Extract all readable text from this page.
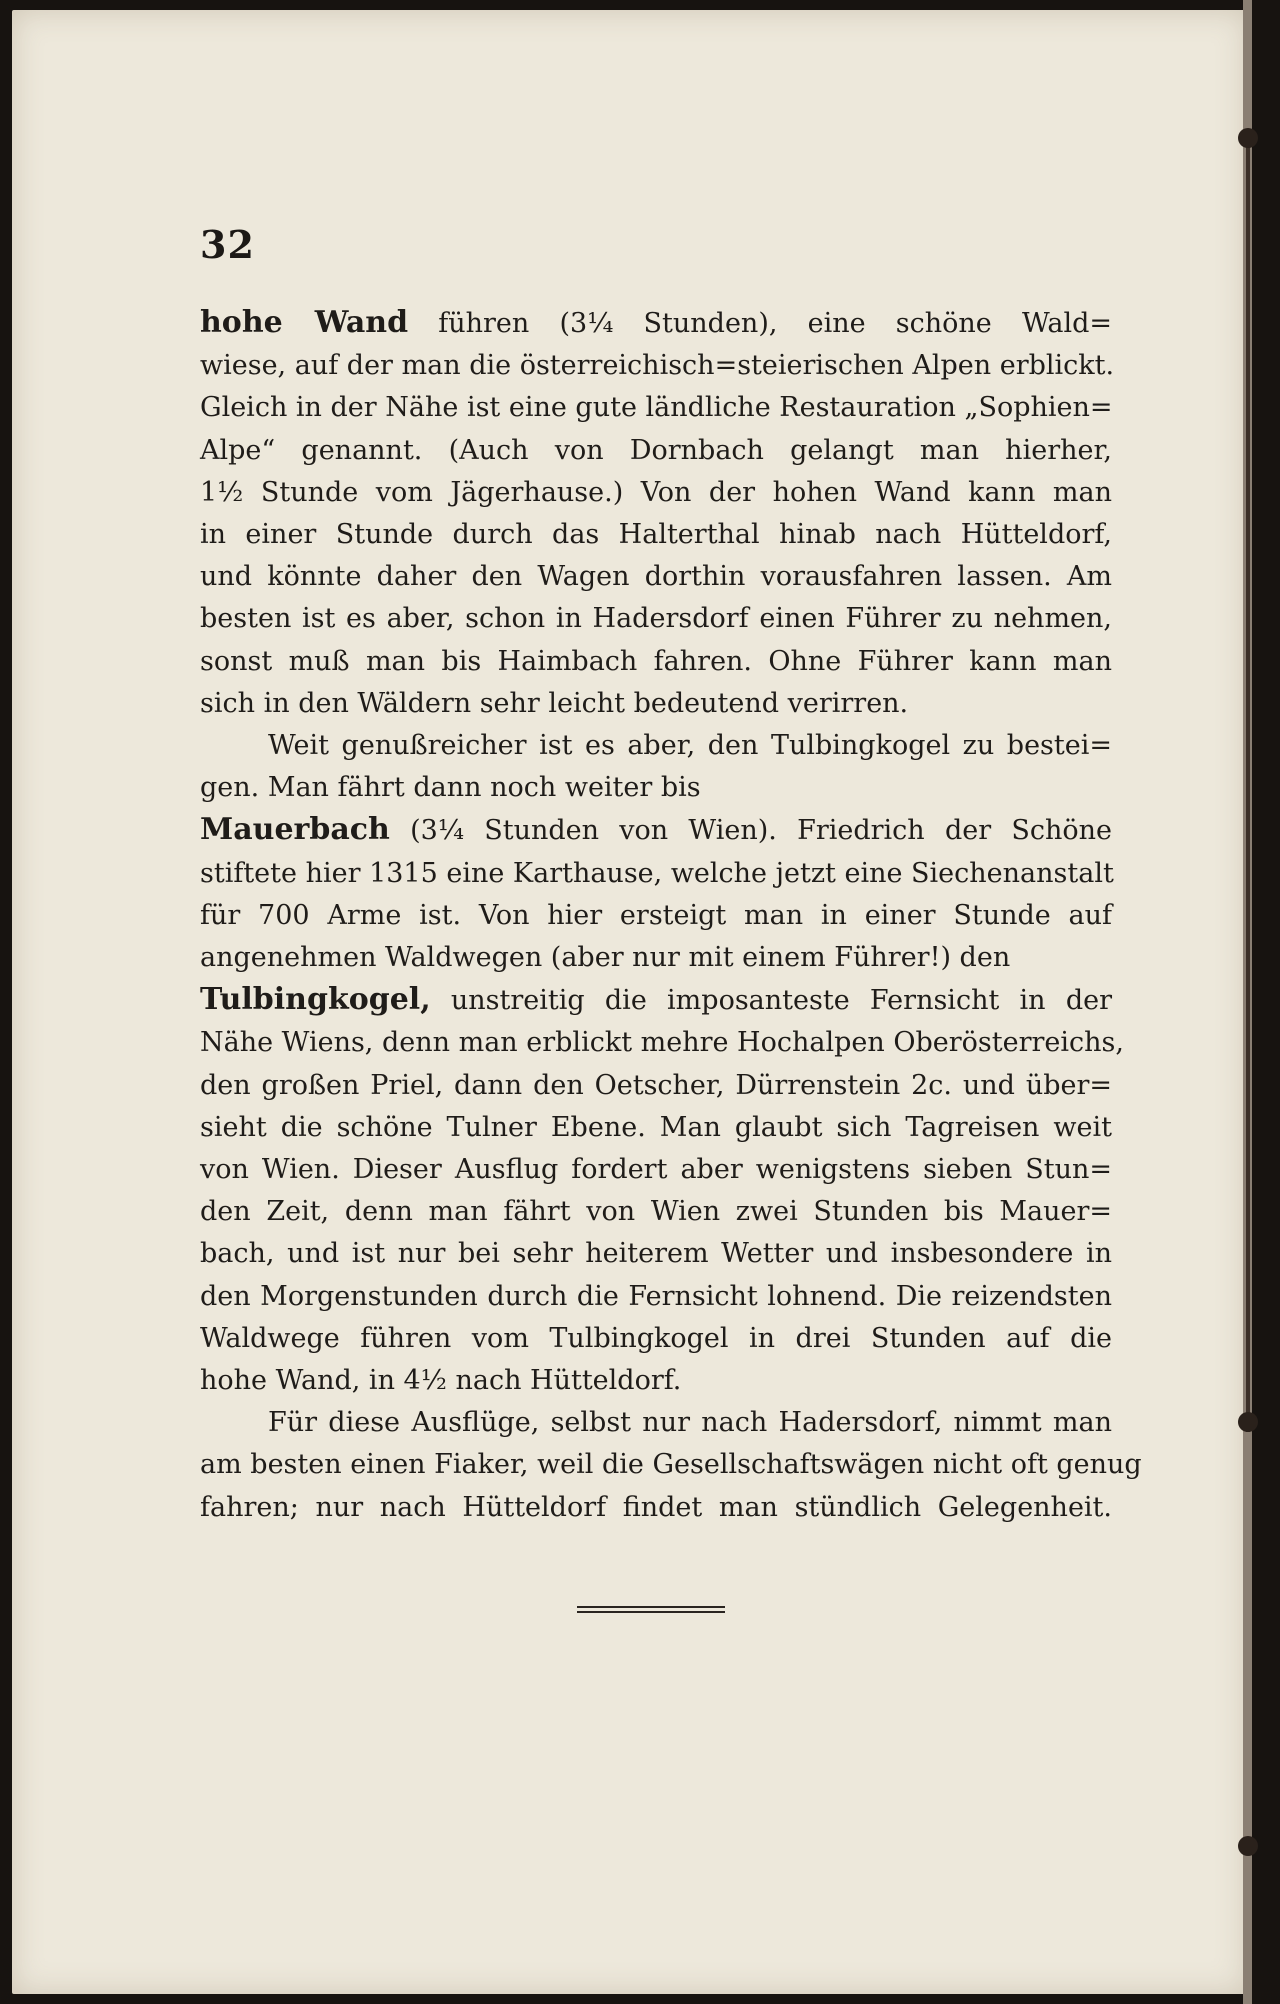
32
hohe Wand führen (3¼ Stunden), eine schöne Wald=
wiese, auf der man die österreichisch=steierischen Alpen erblickt.
Gleich in der Nähe ist eine gute ländliche Restauration „Sophien=
Alpe“ genannt. (Auch von Dornbach gelangt man hierher,
1½ Stunde vom Jägerhause.) Von der hohen Wand kann man
in einer Stunde durch das Halterthal hinab nach Hütteldorf,
und könnte daher den Wagen dorthin vorausfahren lassen. Am
besten ist es aber, schon in Hadersdorf einen Führer zu nehmen,
sonst muß man bis Haimbach fahren. Ohne Führer kann man
sich in den Wäldern sehr leicht bedeutend verirren.
Weit genußreicher ist es aber, den Tulbingkogel zu bestei=
gen. Man fährt dann noch weiter bis
Mauerbach (3¼ Stunden von Wien). Friedrich der Schöne
stiftete hier 1315 eine Karthause, welche jetzt eine Siechenanstalt
für 700 Arme ist. Von hier ersteigt man in einer Stunde auf
angenehmen Waldwegen (aber nur mit einem Führer!) den
Tulbingkogel, unstreitig die imposanteste Fernsicht in der
Nähe Wiens, denn man erblickt mehre Hochalpen Oberösterreichs,
den großen Priel, dann den Oetscher, Dürrenstein 2c. und über=
sieht die schöne Tulner Ebene. Man glaubt sich Tagreisen weit
von Wien. Dieser Ausflug fordert aber wenigstens sieben Stun=
den Zeit, denn man fährt von Wien zwei Stunden bis Mauer=
bach, und ist nur bei sehr heiterem Wetter und insbesondere in
den Morgenstunden durch die Fernsicht lohnend. Die reizendsten
Waldwege führen vom Tulbingkogel in drei Stunden auf die
hohe Wand, in 4½ nach Hütteldorf.
Für diese Ausflüge, selbst nur nach Hadersdorf, nimmt man
am besten einen Fiaker, weil die Gesellschaftswägen nicht oft genug
fahren; nur nach Hütteldorf findet man stündlich Gelegenheit.
